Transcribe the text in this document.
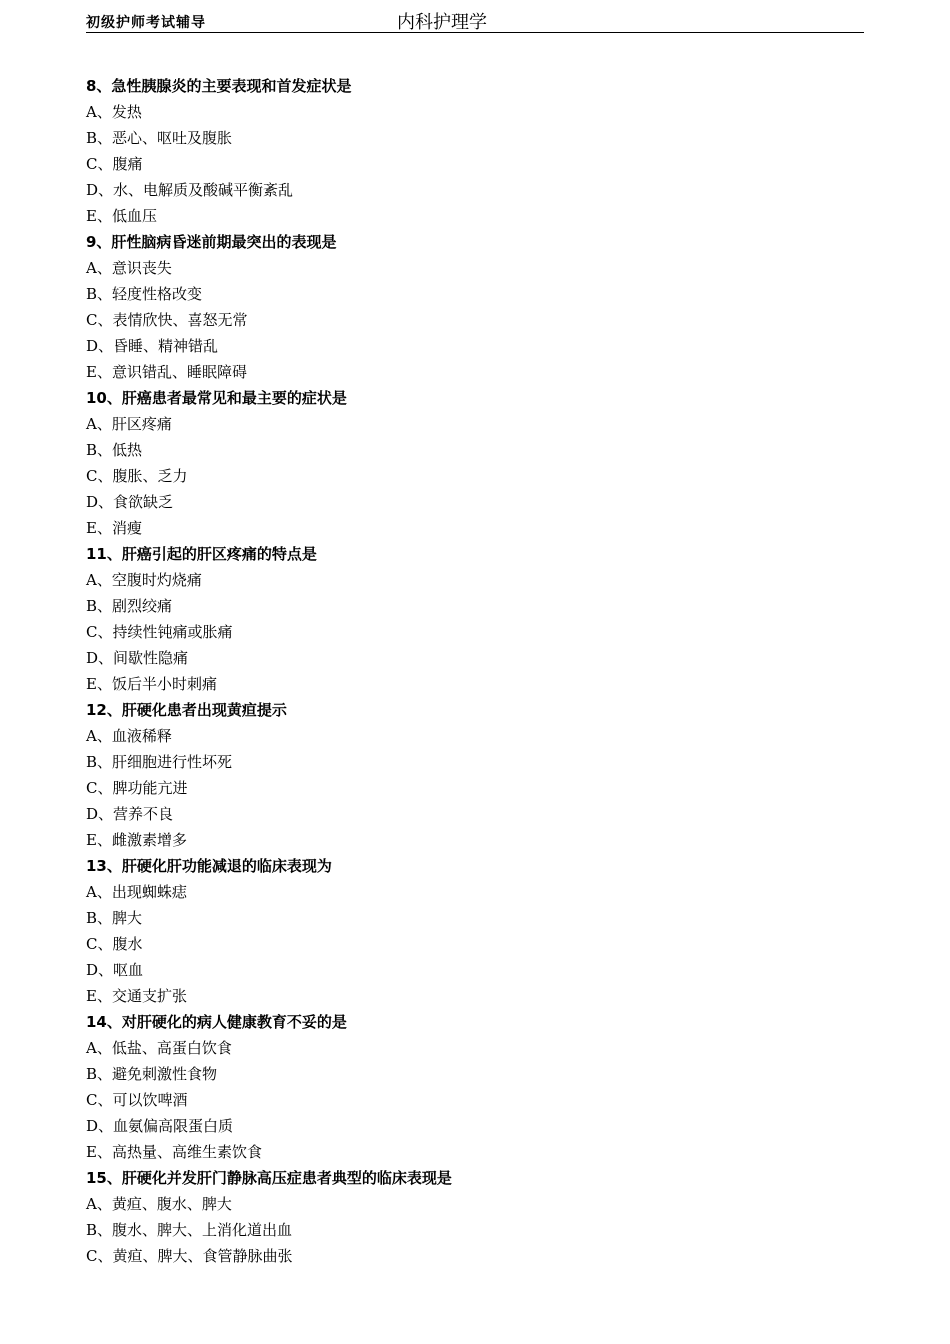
初级护师考试辅导	内科护理学
8、急性胰腺炎的主要表现和首发症状是
A、发热
B、恶心、呕吐及腹胀
C、腹痛
D、水、电解质及酸碱平衡紊乱
E、低血压
9、肝性脑病昏迷前期最突出的表现是
A、意识丧失
B、轻度性格改变
C、表情欣快、喜怒无常
D、昏睡、精神错乱
E、意识错乱、睡眠障碍
10、肝癌患者最常见和最主要的症状是
A、肝区疼痛
B、低热
C、腹胀、乏力
D、食欲缺乏
E、消瘦
11、肝癌引起的肝区疼痛的特点是
A、空腹时灼烧痛
B、剧烈绞痛
C、持续性钝痛或胀痛
D、间歇性隐痛
E、饭后半小时刺痛
12、肝硬化患者出现黄疸提示
A、血液稀释
B、肝细胞进行性坏死
C、脾功能亢进
D、营养不良
E、雌激素增多
13、肝硬化肝功能减退的临床表现为
A、出现蜘蛛痣
B、脾大
C、腹水
D、呕血
E、交通支扩张
14、对肝硬化的病人健康教育不妥的是
A、低盐、高蛋白饮食
B、避免刺激性食物
C、可以饮啤酒
D、血氨偏高限蛋白质
E、高热量、高维生素饮食
15、肝硬化并发肝门静脉高压症患者典型的临床表现是
A、黄疸、腹水、脾大
B、腹水、脾大、上消化道出血
C、黄疸、脾大、食管静脉曲张
